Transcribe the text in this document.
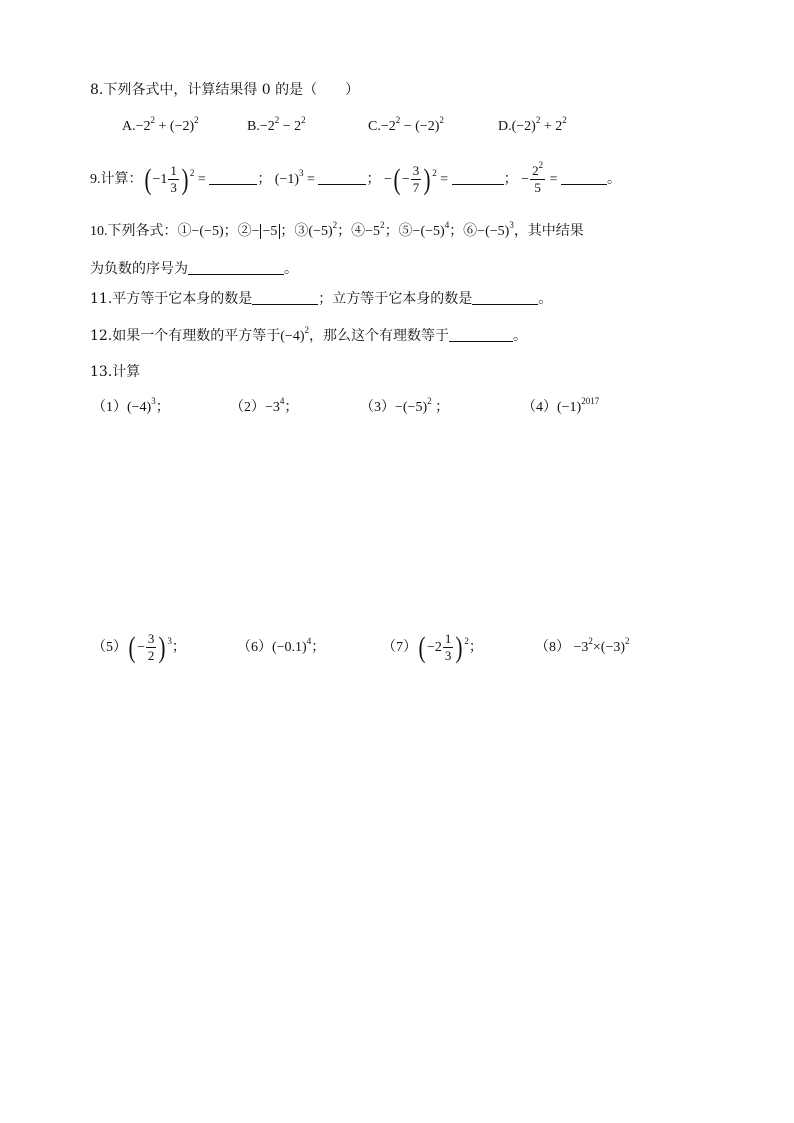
8.下列各式中，计算结果得 0 的是（　　）
$A.-2^2 + (-2)^2$	$B.-2^2 - 2^2$	$C.-2^2 - (-2)^2$	$D.(-2)^2 + 2^2$
9.计算：( $-1 \frac{1}{3}$ ) $^2$ =	； $(-1)^3$ =	； −( − $\frac{3}{7}$ ) $^2$ =	； − $\frac{2^2}{5}$ =	。
10.下列各式：①−(−5)；②− −5 ；$③(-5)^2$；$④-5^2$；$⑤-(-5)^4$；$⑥-(-5)^3$，其中结果
为负数的序号为	。
11.平方等于它本身的数是	；立方等于它本身的数是	。
12.如果一个有理数的平方等于$(-4)^2$，那么这个有理数等于	。
13.计算
$(1)(-4)^3$；	$(2)-3^4$；	$(3)-(-5)^2$ ；	$(4)(-1)^{2017}$
$(5)( - \frac{3}{2}$ ) $^3$；	$(6)(-0.1)^4$；	$(7)( -2 \frac{1}{3}$ ) $^2$；	$(8) -3^2\times(-3)^2$
